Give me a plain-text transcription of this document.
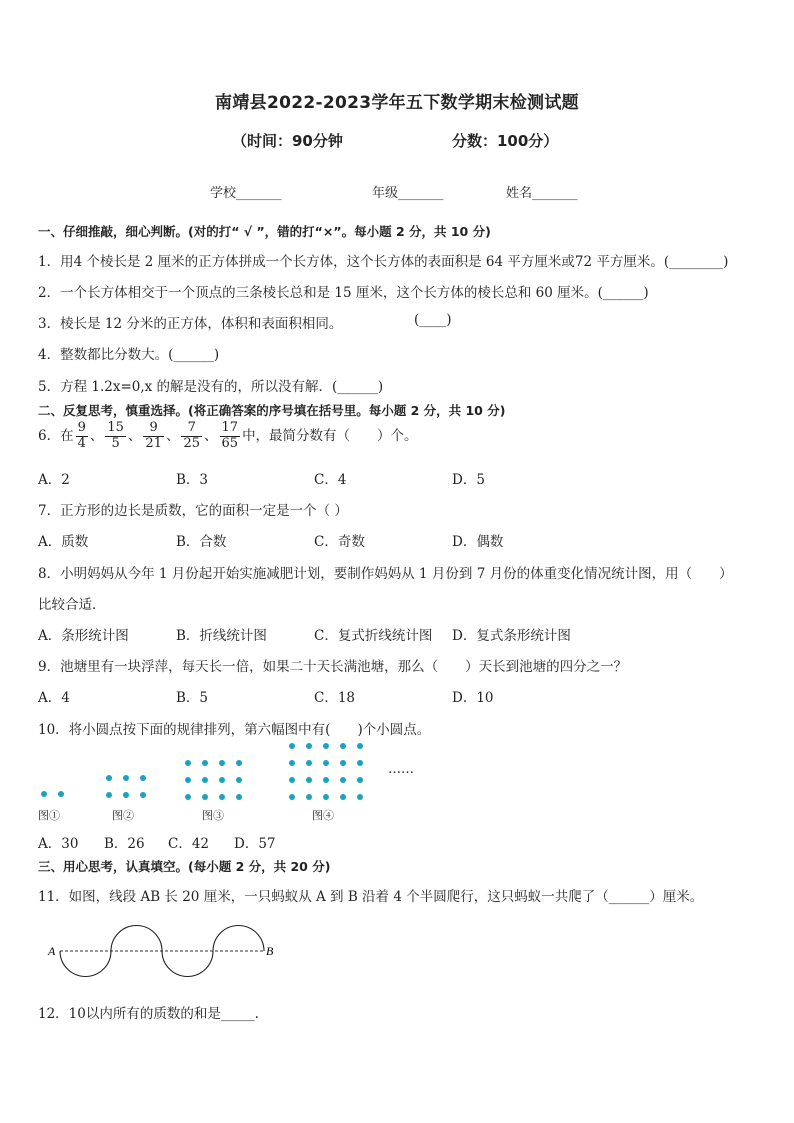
南靖县2022-2023学年五下数学期末检测试题
（时间：90分钟	分数：100分）
学校_______	年级_______	姓名_______
一、仔细推敲，细心判断。(对的打“ √ ”，错的打“×”。每小题 2 分，共 10 分)
1．用4 个棱长是 2 厘米的正方体拼成一个长方体，这个长方体的表面积是 64 平方厘米或72 平方厘米。(________)
2．一个长方体相交于一个顶点的三条棱长总和是 15 厘米，这个长方体的棱长总和 60 厘米。(______)
3．棱长是 12 分米的正方体，体积和表面积相同。	(____)
4．整数都比分数大。(______)
5．方程 1.2x=0,x 的解是没有的，所以没有解．(______)
二、反复思考，慎重选择。(将正确答案的序号填在括号里。每小题 2 分，共 10 分)
6．在 $\frac{9}{4}$ 、 $\frac{15}{5}$ 、 $\frac{9}{21}$ 、 $\frac{7}{25}$ 、 $\frac{17}{65}$ 中，最简分数有（　　）个。
A．2	B．3	C．4	D．5
7．正方形的边长是质数，它的面积一定是一个（ ）
A．质数	B．合数	C．奇数	D．偶数
8．小明妈妈从今年 1 月份起开始实施减肥计划，要制作妈妈从 1 月份到 7 月份的体重变化情况统计图，用（　　）
比较合适．
A．条形统计图	B．折线统计图	C．复式折线统计图 D．复式条形统计图
9．池塘里有一块浮萍，每天长一倍，如果二十天长满池塘，那么（　　）天长到池塘的四分之一？
A．4	B．5	C．18	D．10
10．将小圆点按下面的规律排列，第六幅图中有(　　)个小圆点。
……
图①	图②	图③	图④
A．30 B．26 C．42 D．57
三、用心思考，认真填空。(每小题 2 分，共 20 分)
11．如图，线段 AB 长 20 厘米，一只蚂蚁从 A 到 B 沿着 4 个半圆爬行，这只蚂蚁一共爬了（______）厘米。
A	B
12．10以内所有的质数的和是_____.
